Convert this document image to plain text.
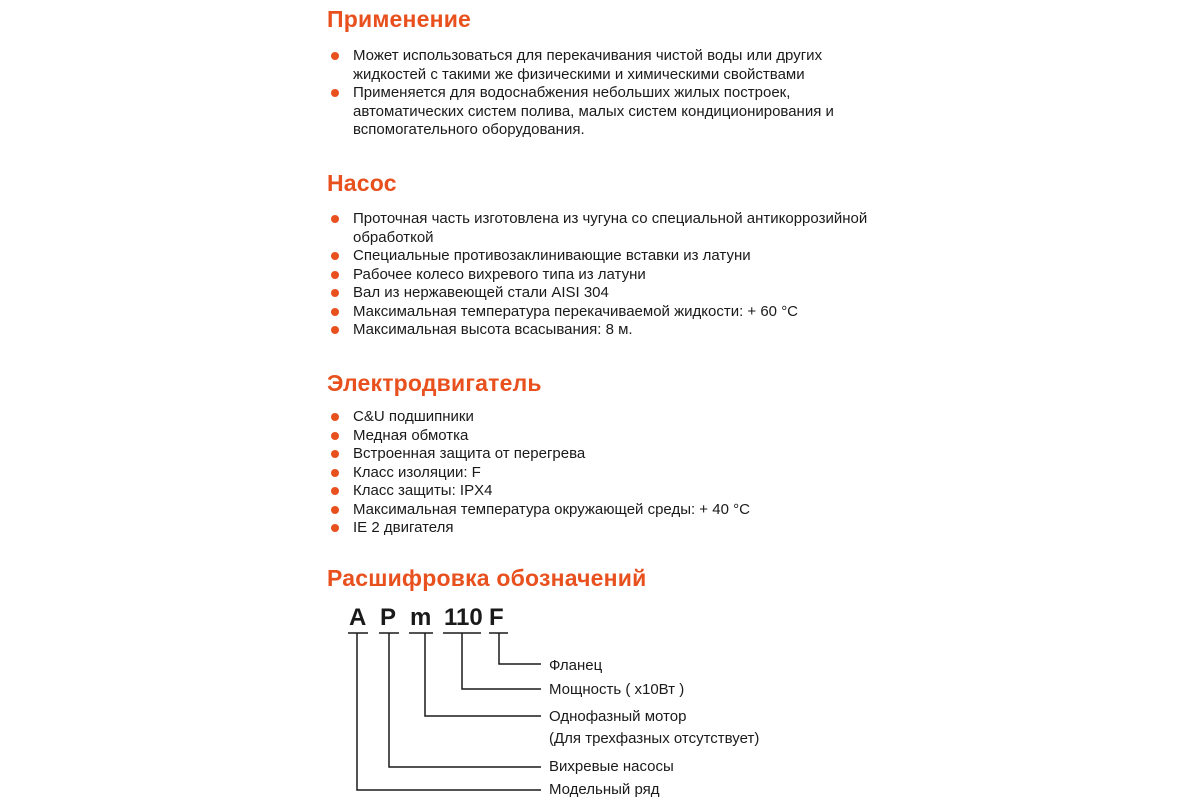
Применение
Может использоваться для перекачивания чистой воды или других жидкостей с такими же физическими и химическими свойствами
Применяется для водоснабжения небольших жилых построек, автоматических систем полива, малых систем кондиционирования и вспомогательного оборудования.
Насос
Проточная часть изготовлена из чугуна со специальной антикоррозийной обработкой
Специальные противозаклинивающие вставки из латуни
Рабочее колесо вихревого типа из латуни
Вал из нержавеющей стали AISI 304
Максимальная температура перекачиваемой жидкости: + 60 °C
Максимальная высота всасывания: 8 м.
Электродвигатель
C&U подшипники
Медная обмотка
Встроенная защита от перегрева
Класс изоляции: F
Класс защиты: IPX4
Максимальная температура окружающей среды: + 40 °C
IE 2 двигателя
Расшифровка обозначений
A P m 110 F
Фланец
Мощность ( х10Вт )
Однофазный мотор
(Для трехфазных отсутствует)
Вихревые насосы
Модельный ряд
